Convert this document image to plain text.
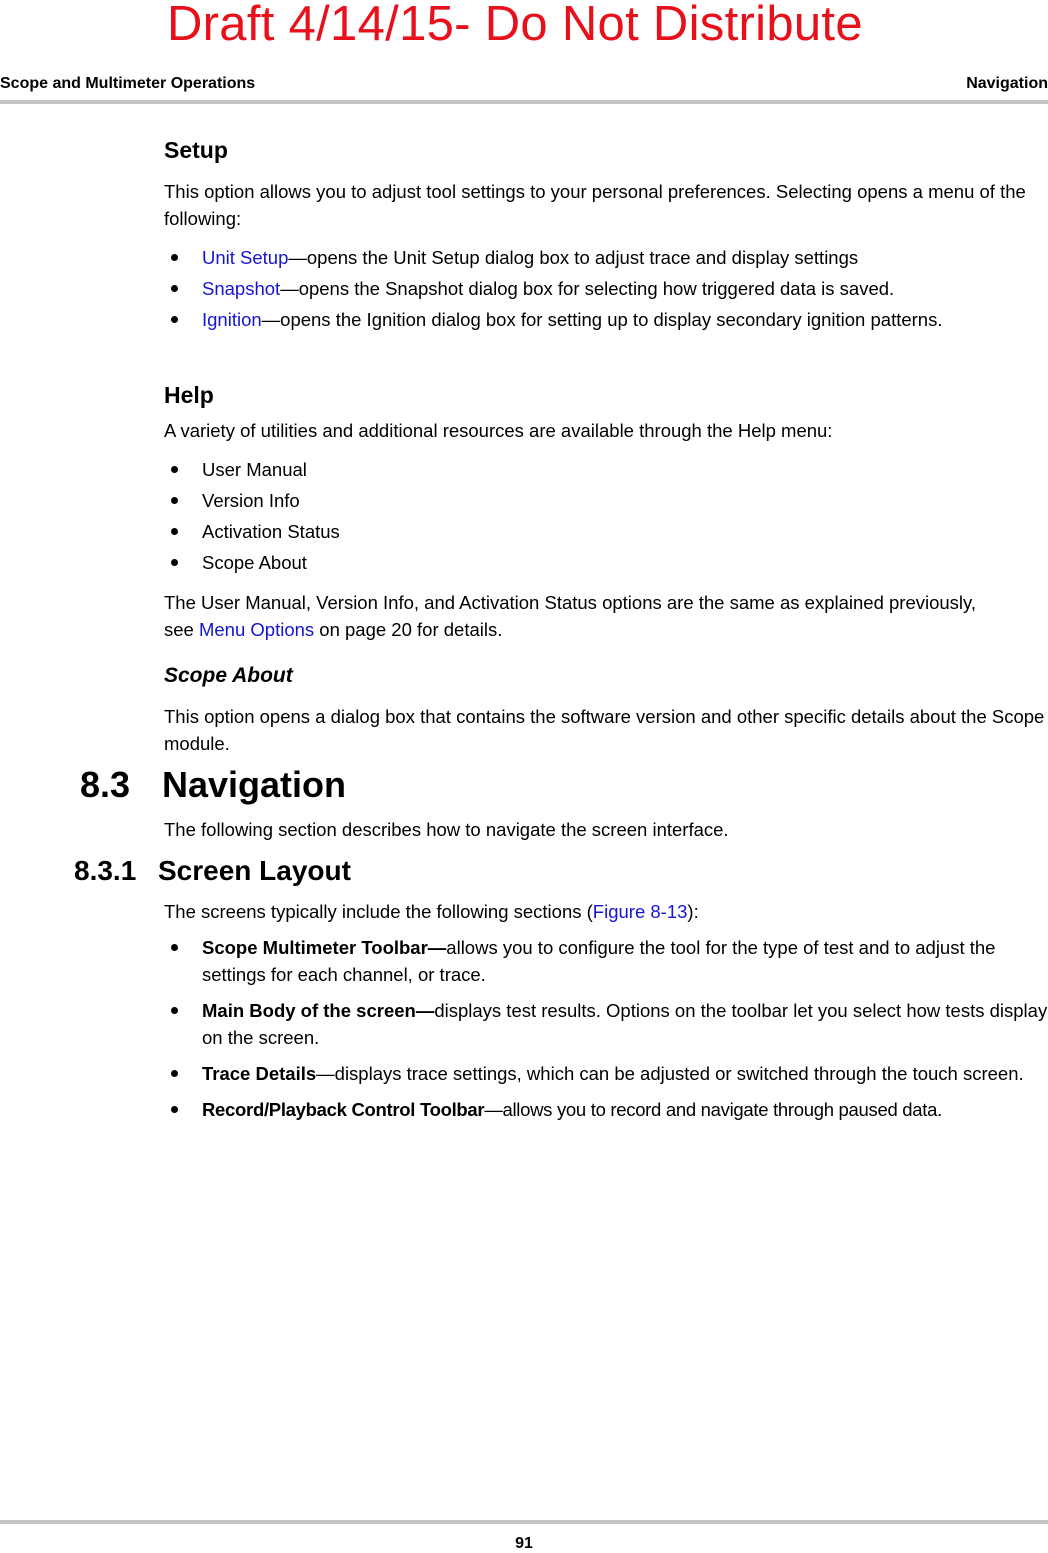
Draft 4/14/15- Do Not Distribute
Scope and Multimeter Operations	Navigation
Setup
This option allows you to adjust tool settings to your personal preferences. Selecting opens a menu of the following:
Unit Setup—opens the Unit Setup dialog box to adjust trace and display settings
Snapshot—opens the Snapshot dialog box for selecting how triggered data is saved.
Ignition—opens the Ignition dialog box for setting up to display secondary ignition patterns.
Help
A variety of utilities and additional resources are available through the Help menu:
User Manual
Version Info
Activation Status
Scope About
The User Manual, Version Info, and Activation Status options are the same as explained previously, see Menu Options on page 20 for details.
Scope About
This option opens a dialog box that contains the software version and other specific details about the Scope module.
8.3 Navigation
The following section describes how to navigate the screen interface.
8.3.1 Screen Layout
The screens typically include the following sections (Figure 8-13):
Scope Multimeter Toolbar—allows you to configure the tool for the type of test and to adjust the settings for each channel, or trace.
Main Body of the screen—displays test results. Options on the toolbar let you select how tests display on the screen.
Trace Details—displays trace settings, which can be adjusted or switched through the touch screen.
Record/Playback Control Toolbar—allows you to record and navigate through paused data.
91
